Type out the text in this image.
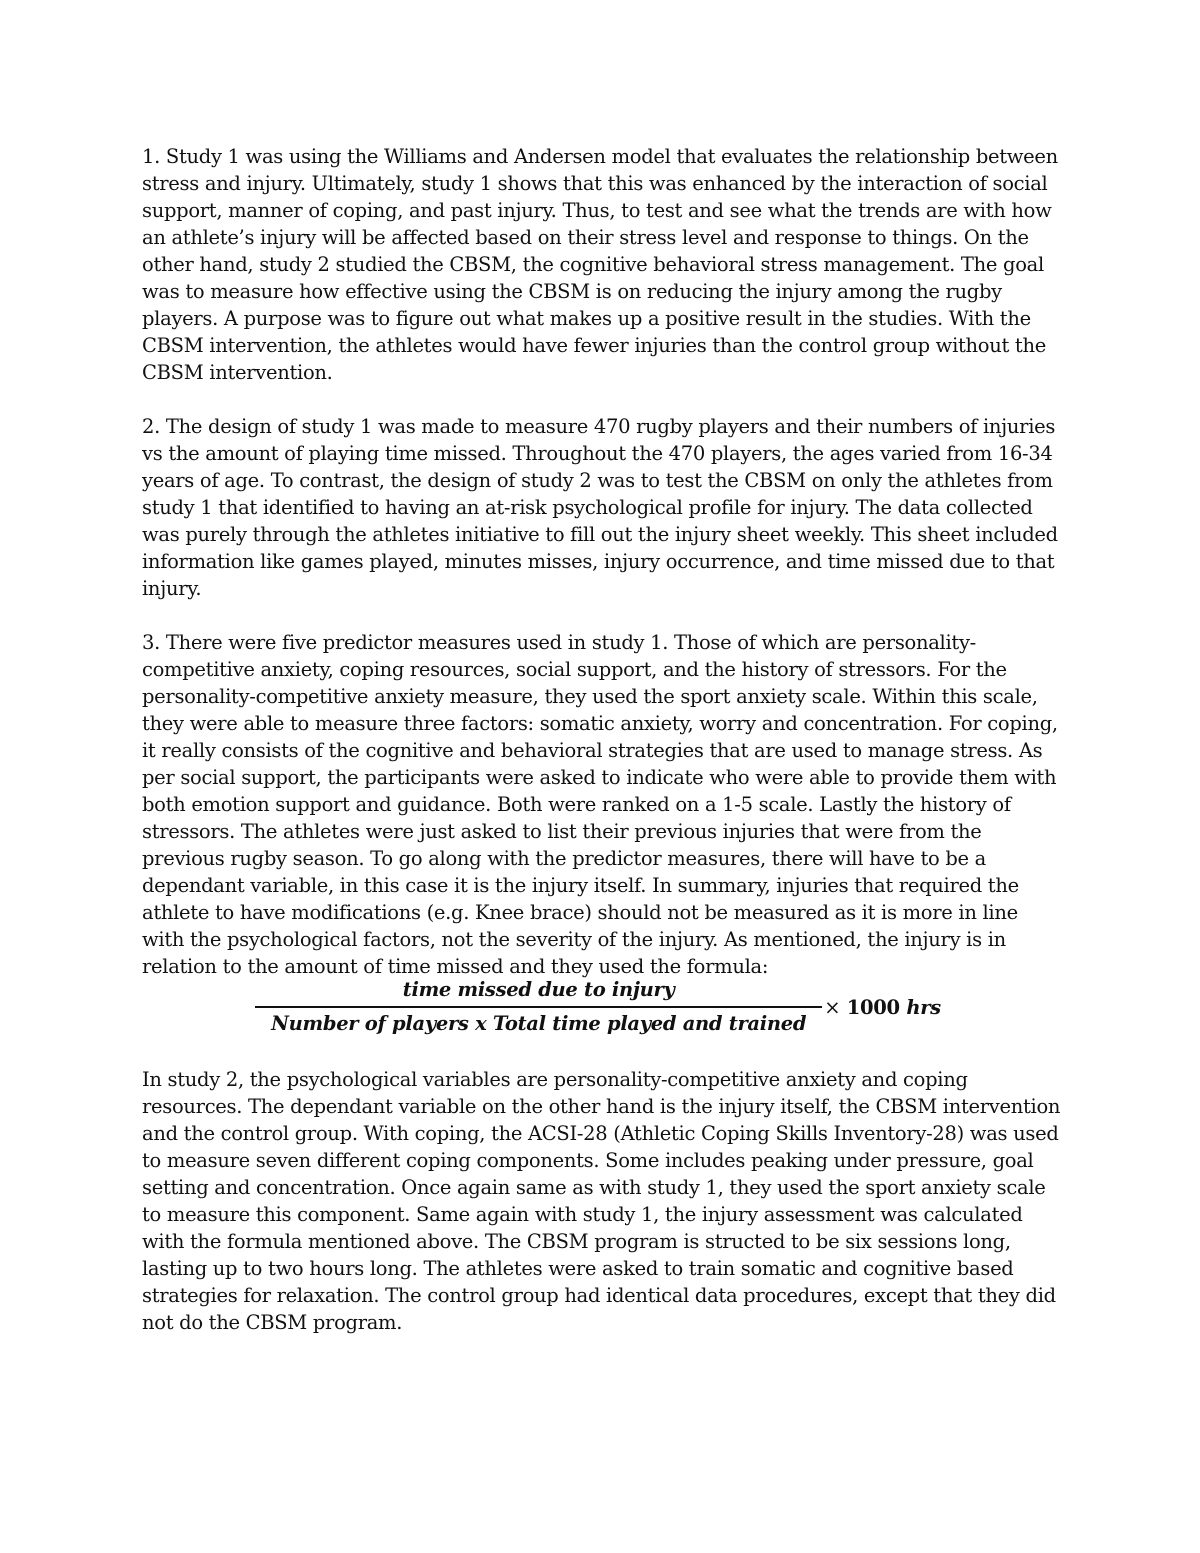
1. Study 1 was using the Williams and Andersen model that evaluates the relationship between stress and injury. Ultimately, study 1 shows that this was enhanced by the interaction of social support, manner of coping, and past injury. Thus, to test and see what the trends are with how an athlete’s injury will be affected based on their stress level and response to things. On the other hand, study 2 studied the CBSM, the cognitive behavioral stress management. The goal was to measure how effective using the CBSM is on reducing the injury among the rugby players. A purpose was to figure out what makes up a positive result in the studies. With the CBSM intervention, the athletes would have fewer injuries than the control group without the CBSM intervention.

2. The design of study 1 was made to measure 470 rugby players and their numbers of injuries vs the amount of playing time missed. Throughout the 470 players, the ages varied from 16-34 years of age. To contrast, the design of study 2 was to test the CBSM on only the athletes from study 1 that identified to having an at-risk psychological profile for injury. The data collected was purely through the athletes initiative to fill out the injury sheet weekly. This sheet included information like games played, minutes misses, injury occurrence, and time missed due to that injury.

3. There were five predictor measures used in study 1. Those of which are personality-competitive anxiety, coping resources, social support, and the history of stressors. For the personality-competitive anxiety measure, they used the sport anxiety scale. Within this scale, they were able to measure three factors: somatic anxiety, worry and concentration. For coping, it really consists of the cognitive and behavioral strategies that are used to manage stress. As per social support, the participants were asked to indicate who were able to provide them with both emotion support and guidance. Both were ranked on a 1-5 scale. Lastly the history of stressors. The athletes were just asked to list their previous injuries that were from the previous rugby season. To go along with the predictor measures, there will have to be a dependant variable, in this case it is the injury itself. In summary, injuries that required the athlete to have modifications (e.g. Knee brace) should not be measured as it is more in line with the psychological factors, not the severity of the injury. As mentioned, the injury is in relation to the amount of time missed and they used the formula:

$\frac{\text{time missed due to injury}}{\text{Number of players x Total time played and trained}} \times 1000$ hrs

In study 2, the psychological variables are personality-competitive anxiety and coping resources. The dependant variable on the other hand is the injury itself, the CBSM intervention and the control group. With coping, the ACSI-28 (Athletic Coping Skills Inventory-28) was used to measure seven different coping components. Some includes peaking under pressure, goal setting and concentration. Once again same as with study 1, they used the sport anxiety scale to measure this component. Same again with study 1, the injury assessment was calculated with the formula mentioned above. The CBSM program is structed to be six sessions long, lasting up to two hours long. The athletes were asked to train somatic and cognitive based strategies for relaxation. The control group had identical data procedures, except that they did not do the CBSM program.
